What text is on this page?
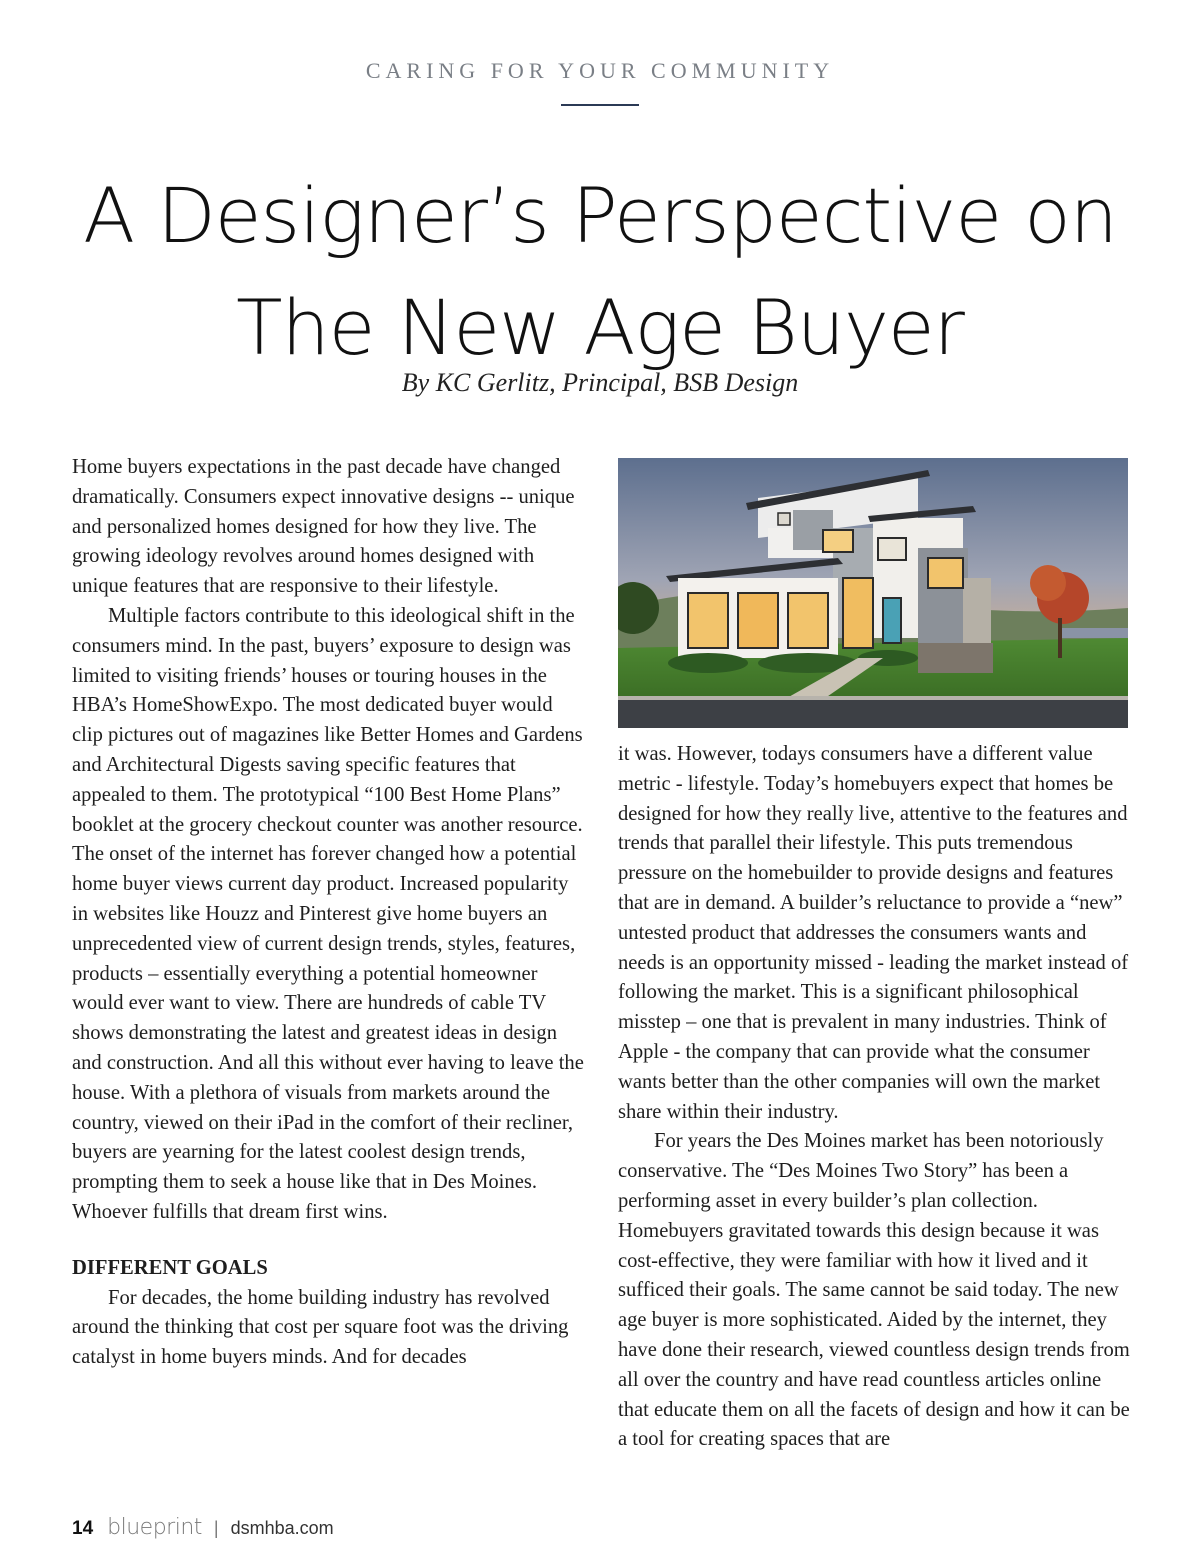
CARING FOR YOUR COMMUNITY
A Designer’s Perspective on
The New Age Buyer
By KC Gerlitz, Principal, BSB Design

Home buyers expectations in the past decade have changed dramatically. Consumers expect innovative designs -- unique and personalized homes designed for how they live. The growing ideology revolves around homes designed with unique features that are responsive to their lifestyle.

Multiple factors contribute to this ideological shift in the consumers mind. In the past, buyers’ exposure to design was limited to visiting friends’ houses or touring houses in the HBA’s HomeShowExpo. The most dedicated buyer would clip pictures out of magazines like Better Homes and Gardens and Architectural Digests saving specific features that appealed to them. The prototypical “100 Best Home Plans” booklet at the grocery checkout counter was another resource. The onset of the internet has forever changed how a potential home buyer views current day product. Increased popularity in websites like Houzz and Pinterest give home buyers an unprecedented view of current design trends, styles, features, products – essentially everything a potential homeowner would ever want to view. There are hundreds of cable TV shows demonstrating the latest and greatest ideas in design and construction. And all this without ever having to leave the house. With a plethora of visuals from markets around the country, viewed on their iPad in the comfort of their recliner, buyers are yearning for the latest coolest design trends, prompting them to seek a house like that in Des Moines. Whoever fulfills that dream first wins.

DIFFERENT GOALS

For decades, the home building industry has revolved around the thinking that cost per square foot was the driving catalyst in home buyers minds. And for decades

it was. However, todays consumers have a different value metric - lifestyle. Today’s homebuyers expect that homes be designed for how they really live, attentive to the features and trends that parallel their lifestyle. This puts tremendous pressure on the homebuilder to provide designs and features that are in demand. A builder’s reluctance to provide a “new” untested product that addresses the consumers wants and needs is an opportunity missed - leading the market instead of following the market. This is a significant philosophical misstep – one that is prevalent in many industries. Think of Apple - the company that can provide what the consumer wants better than the other companies will own the market share within their industry.

For years the Des Moines market has been notoriously conservative. The “Des Moines Two Story” has been a performing asset in every builder’s plan collection. Homebuyers gravitated towards this design because it was cost-effective, they were familiar with how it lived and it sufficed their goals. The same cannot be said today. The new age buyer is more sophisticated. Aided by the internet, they have done their research, viewed countless design trends from all over the country and have read countless articles online that educate them on all the facets of design and how it can be a tool for creating spaces that are

14 blueprint | dsmhba.com
